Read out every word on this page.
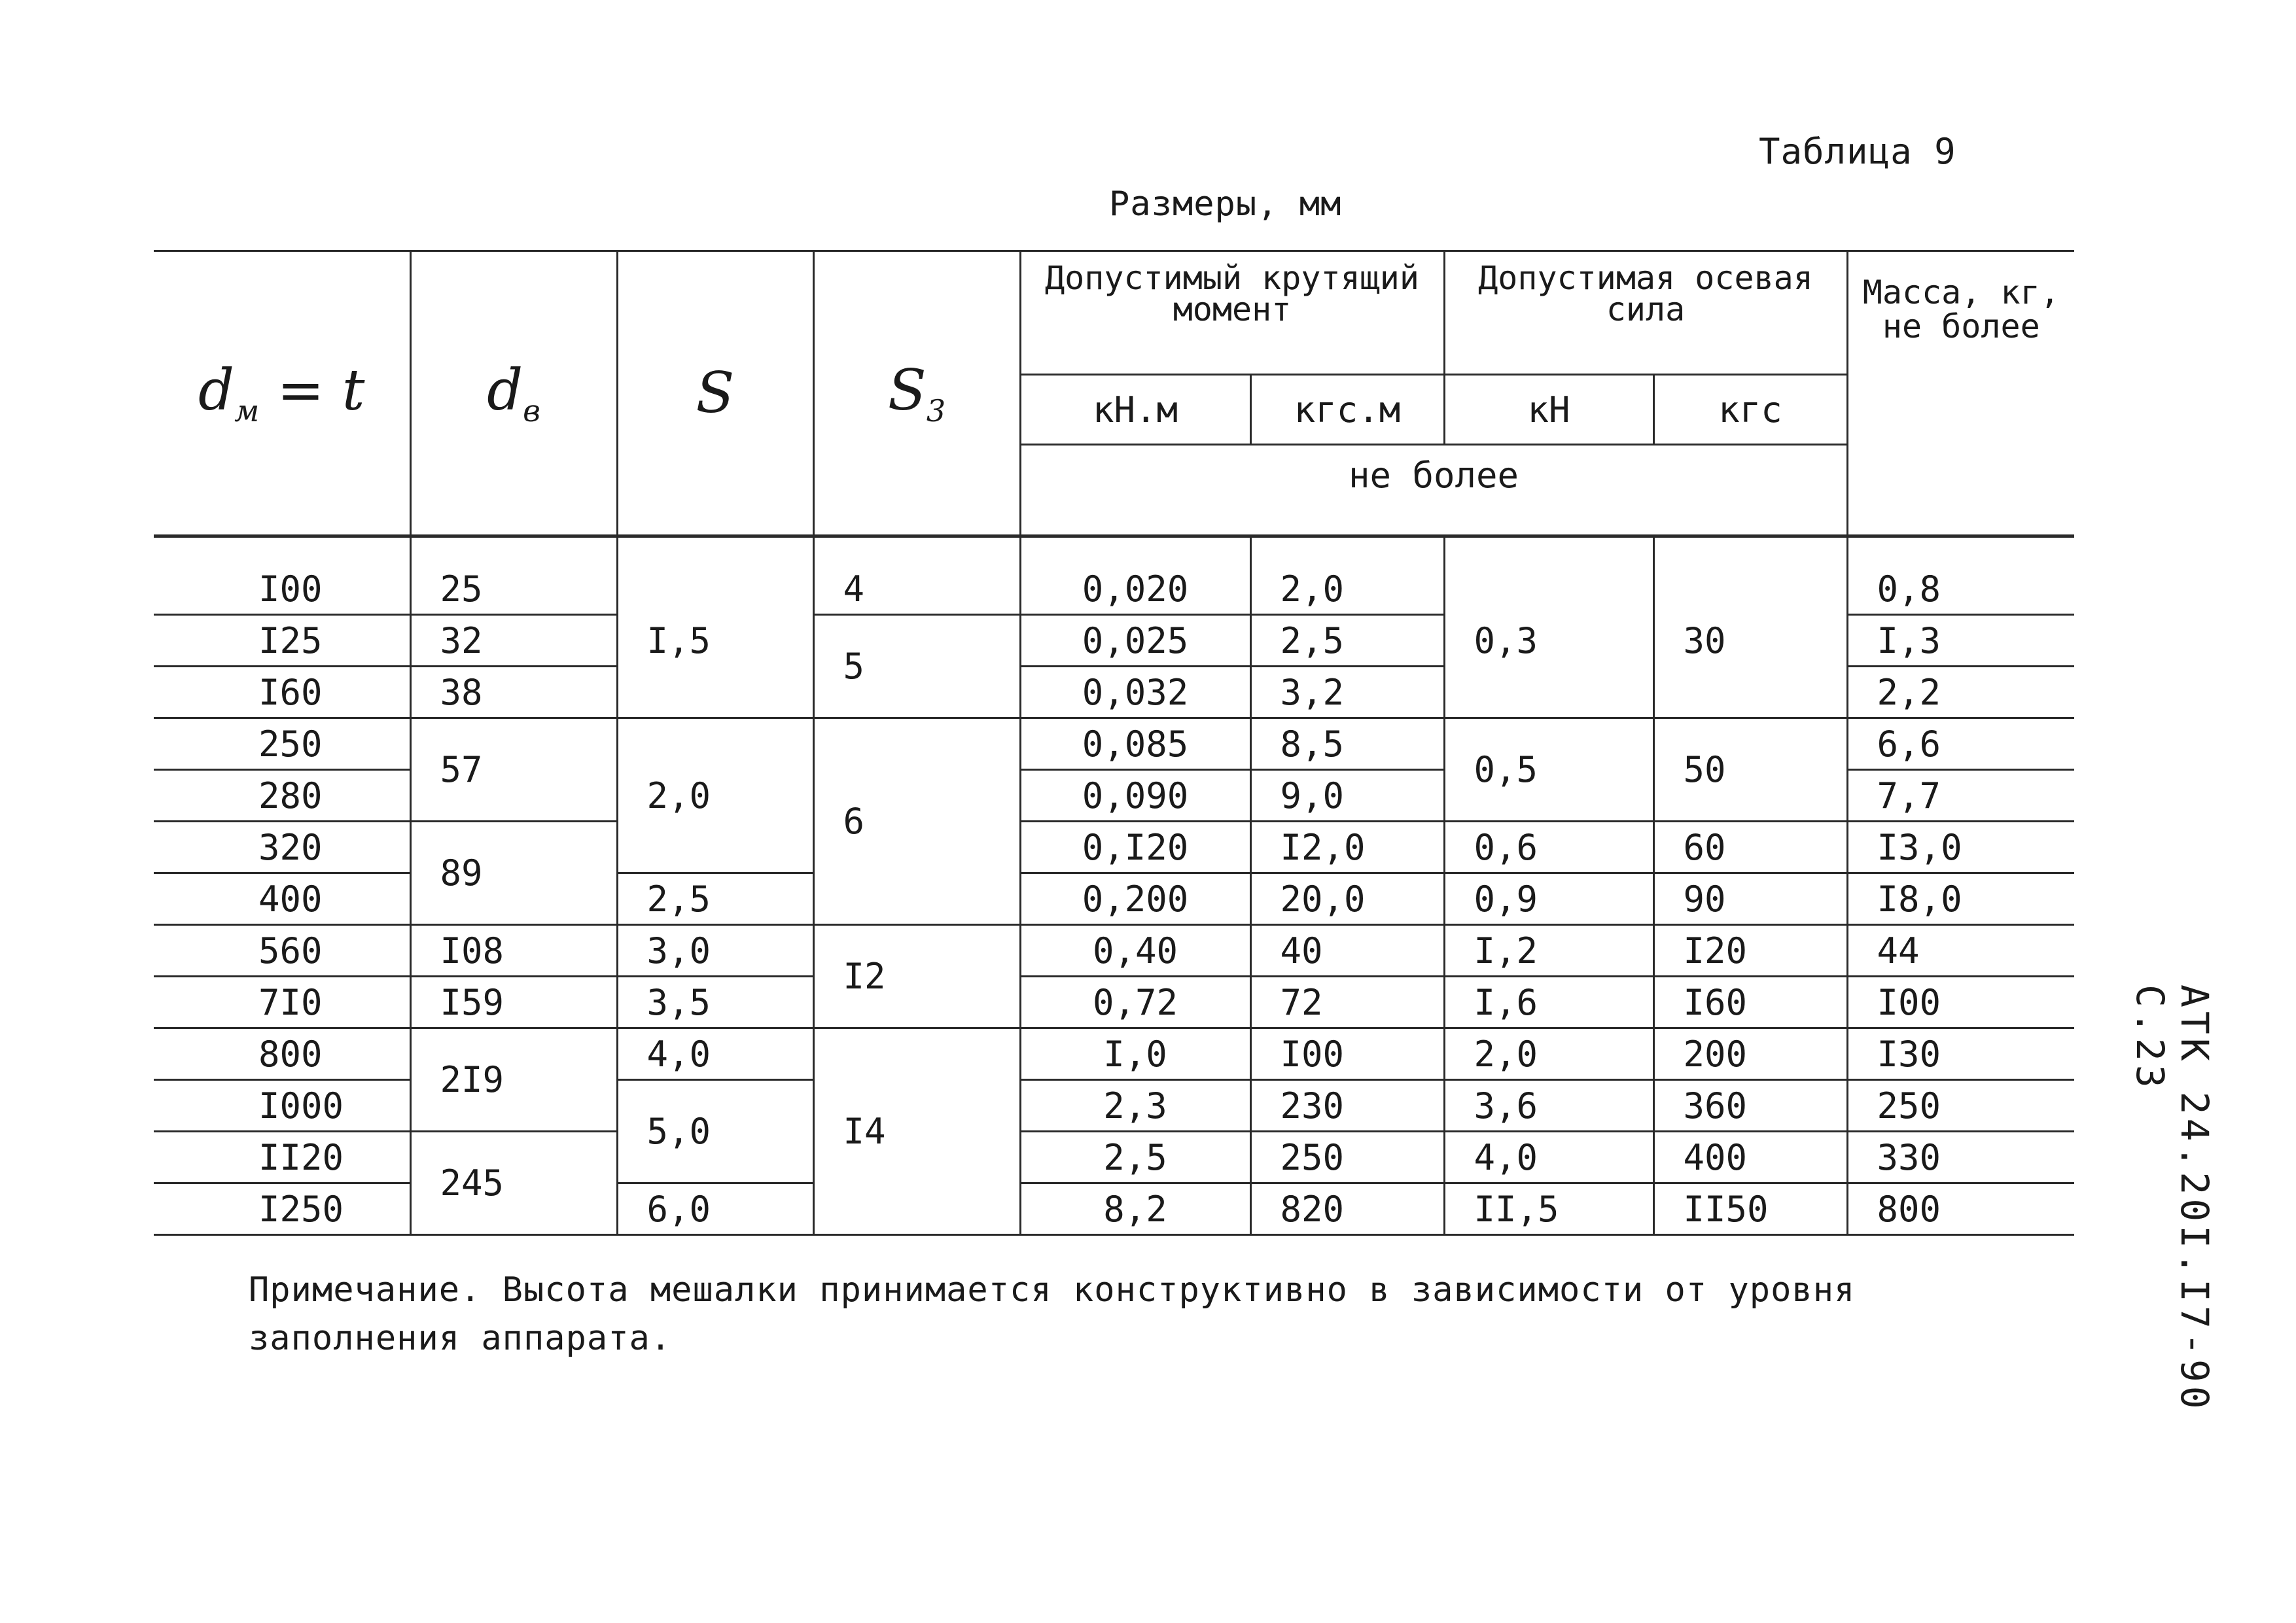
Таблица 9
Размеры, мм
$d_м = t$	$d_в$	S	$S_3$	Допустимый крутящий момент		Допустимая осевая сила		Масса, кг, не более
				кН.м	кгс.м	кН	кгс	
				не более				
I00	25	I,5	4	0,020	2,0	0,3	30	0,8
I25	32		5	0,025	2,5			I,3
I60	38			0,032	3,2			2,2
250	57	2,0	6	0,085	8,5	0,5	50	6,6
280				0,090	9,0			7,7
320	89			0,I20	I2,0	0,6	60	I3,0
400		2,5		0,200	20,0	0,9	90	I8,0
560	I08	3,0	I2	0,40	40	I,2	I20	44
7I0	I59	3,5		0,72	72	I,6	I60	I00
800	2I9	4,0	I4	I,0	I00	2,0	200	I30
I000		5,0		2,3	230	3,6	360	250
II20	245			2,5	250	4,0	400	330
I250		6,0		8,2	820	II,5	II50	800
Примечание. Высота мешалки принимается конструктивно в зависимости от уровня заполнения аппарата.	АТК 24.20I.I7-90 С.23
